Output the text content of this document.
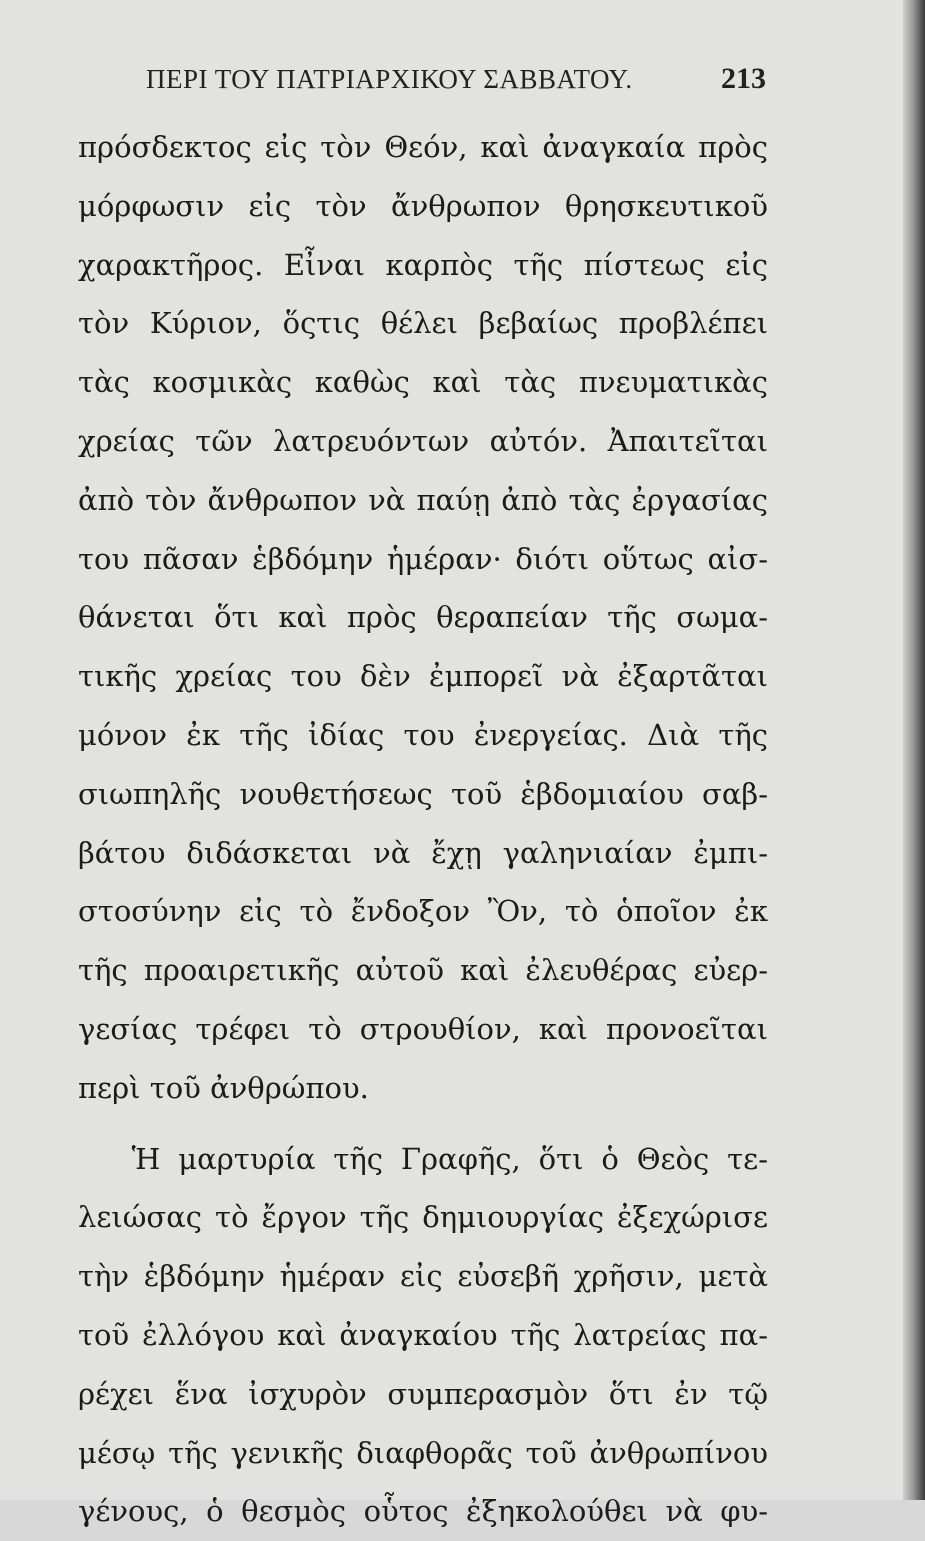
ΠΕΡΙ ΤΟΥ ΠΑΤΡΙΑΡΧΙΚΟΥ ΣΑΒΒΑΤΟΥ.	213
πρόσδεκτος εἰς τὸν Θεόν, καὶ ἀναγκαία πρὸς
μόρφωσιν εἰς τὸν ἄνθρωπον θρησκευτικοῦ
χαρακτῆρος. Εἶναι καρπὸς τῆς πίστεως εἰς
τὸν Κύριον, ὅςτις θέλει βεβαίως προβλέπει
τὰς κοσμικὰς καθὼς καὶ τὰς πνευματικὰς
χρείας τῶν λατρευόντων αὐτόν. Ἀπαιτεῖται
ἀπὸ τὸν ἄνθρωπον νὰ παύῃ ἀπὸ τὰς ἐργασίας
του πᾶσαν ἑβδόμην ἡμέραν· διότι οὕτως αἰσ-
θάνεται ὅτι καὶ πρὸς θεραπείαν τῆς σωμα-
τικῆς χρείας του δὲν ἐμπορεῖ νὰ ἐξαρτᾶται
μόνον ἐκ τῆς ἰδίας του ἐνεργείας. Διὰ τῆς
σιωπηλῆς νουθετήσεως τοῦ ἑβδομιαίου σαβ-
βάτου διδάσκεται νὰ ἔχῃ γαληνιαίαν ἐμπι-
στοσύνην εἰς τὸ ἔνδοξον Ὂν, τὸ ὁποῖον ἐκ
τῆς προαιρετικῆς αὐτοῦ καὶ ἐλευθέρας εὐερ-
γεσίας τρέφει τὸ στρουθίον, καὶ προνοεῖται
περὶ τοῦ ἀνθρώπου.
Ἡ μαρτυρία τῆς Γραφῆς, ὅτι ὁ Θεὸς τε-
λειώσας τὸ ἔργον τῆς δημιουργίας ἐξεχώρισε
τὴν ἑβδόμην ἡμέραν εἰς εὐσεβῆ χρῆσιν, μετὰ
τοῦ ἐλλόγου καὶ ἀναγκαίου τῆς λατρείας πα-
ρέχει ἕνα ἰσχυρὸν συμπερασμὸν ὅτι ἐν τῷ
μέσῳ τῆς γενικῆς διαφθορᾶς τοῦ ἀνθρωπίνου
γένους, ὁ θεσμὸς οὗτος ἐξηκολούθει νὰ φυ-
